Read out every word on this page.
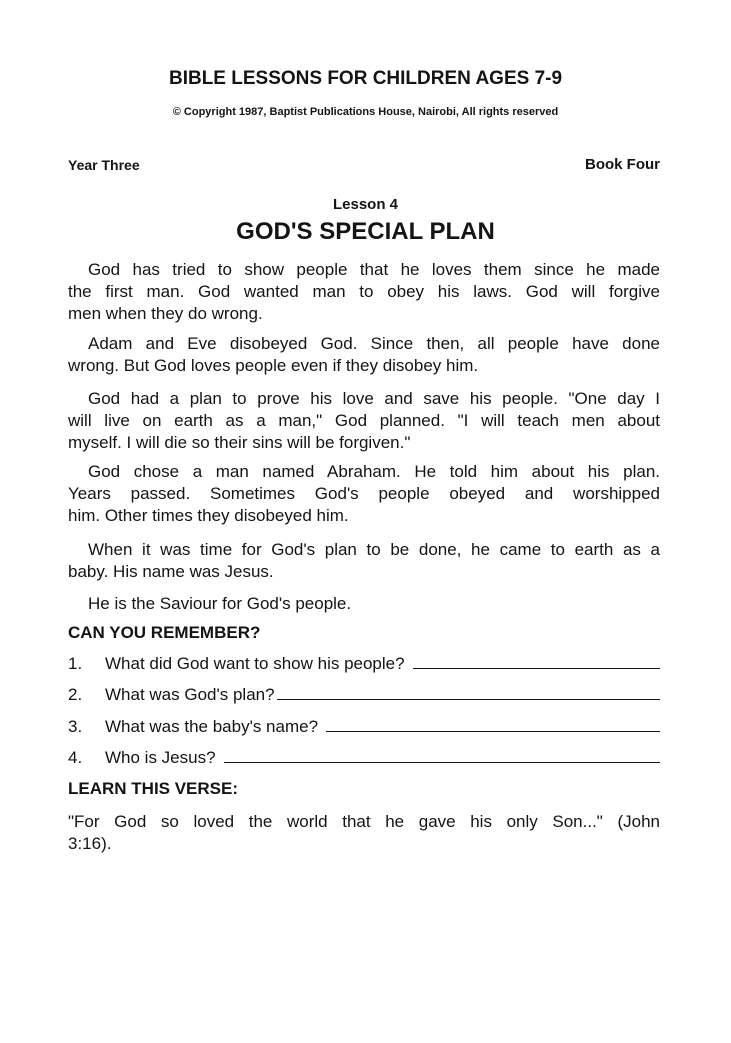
BIBLE LESSONS FOR CHILDREN AGES 7-9
© Copyright 1987, Baptist Publications House, Nairobi, All rights reserved
Year Three	Book Four
Lesson 4
GOD'S SPECIAL PLAN
God has tried to show people that he loves them since he made
the first man. God wanted man to obey his laws. God will forgive
men when they do wrong.
Adam and Eve disobeyed God. Since then, all people have done
wrong. But God loves people even if they disobey him.
God had a plan to prove his love and save his people. "One day I
will live on earth as a man," God planned. "I will teach men about
myself. I will die so their sins will be forgiven."
God chose a man named Abraham. He told him about his plan.
Years passed. Sometimes God's people obeyed and worshipped
him. Other times they disobeyed him.
When it was time for God's plan to be done, he came to earth as a
baby. His name was Jesus.
He is the Saviour for God's people.
CAN YOU REMEMBER?
1.	What did God want to show his people?
2.	What was God's plan?
3.	What was the baby's name?
4.	Who is Jesus?
LEARN THIS VERSE:
"For God so loved the world that he gave his only Son..." (John
3:16).
